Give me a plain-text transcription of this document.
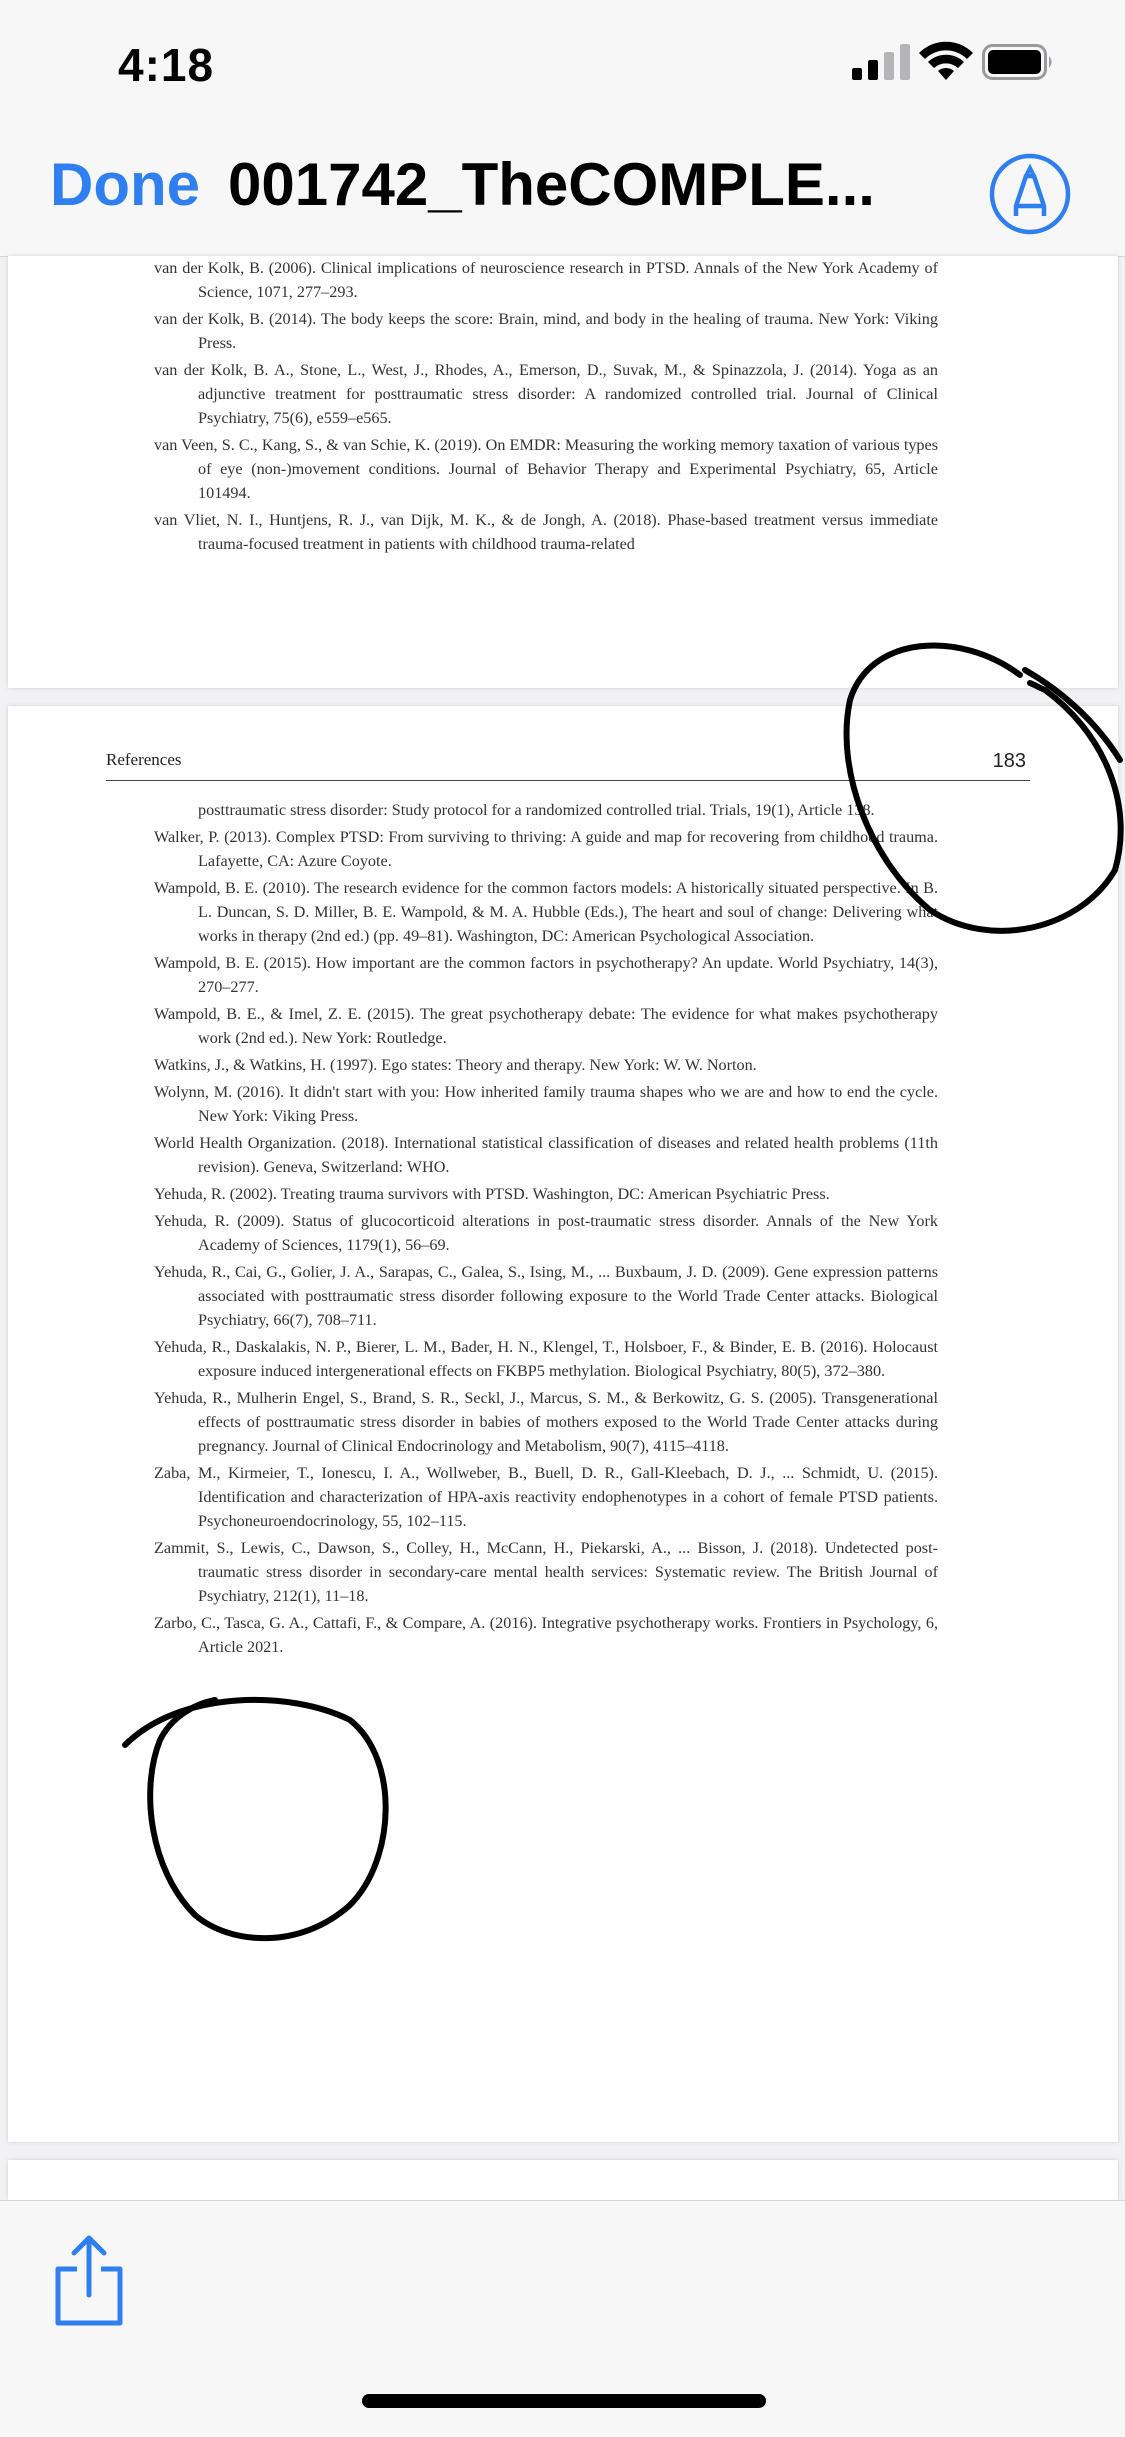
4:18
Done 001742_TheCOMPLE...
van der Kolk, B. (2006). Clinical implications of neuroscience research in PTSD. Annals of the New York Academy of Science, 1071, 277–293.
van der Kolk, B. (2014). The body keeps the score: Brain, mind, and body in the healing of trauma. New York: Viking Press.
van der Kolk, B. A., Stone, L., West, J., Rhodes, A., Emerson, D., Suvak, M., & Spinazzola, J. (2014). Yoga as an adjunctive treatment for posttraumatic stress disorder: A randomized controlled trial. Journal of Clinical Psychiatry, 75(6), e559–e565.
van Veen, S. C., Kang, S., & van Schie, K. (2019). On EMDR: Measuring the working memory taxation of various types of eye (non-)movement conditions. Journal of Behavior Therapy and Experimental Psychiatry, 65, Article 101494.
van Vliet, N. I., Huntjens, R. J., van Dijk, M. K., & de Jongh, A. (2018). Phase-based treatment versus immediate trauma-focused treatment in patients with childhood trauma-related
References	183
posttraumatic stress disorder: Study protocol for a randomized controlled trial. Trials, 19(1), Article 138.
Walker, P. (2013). Complex PTSD: From surviving to thriving: A guide and map for recovering from childhood trauma. Lafayette, CA: Azure Coyote.
Wampold, B. E. (2010). The research evidence for the common factors models: A historically situated perspective. In B. L. Duncan, S. D. Miller, B. E. Wampold, & M. A. Hubble (Eds.), The heart and soul of change: Delivering what works in therapy (2nd ed.) (pp. 49–81). Washington, DC: American Psychological Association.
Wampold, B. E. (2015). How important are the common factors in psychotherapy? An update. World Psychiatry, 14(3), 270–277.
Wampold, B. E., & Imel, Z. E. (2015). The great psychotherapy debate: The evidence for what makes psychotherapy work (2nd ed.). New York: Routledge.
Watkins, J., & Watkins, H. (1997). Ego states: Theory and therapy. New York: W. W. Norton.
Wolynn, M. (2016). It didn't start with you: How inherited family trauma shapes who we are and how to end the cycle. New York: Viking Press.
World Health Organization. (2018). International statistical classification of diseases and related health problems (11th revision). Geneva, Switzerland: WHO.
Yehuda, R. (2002). Treating trauma survivors with PTSD. Washington, DC: American Psychiatric Press.
Yehuda, R. (2009). Status of glucocorticoid alterations in post-traumatic stress disorder. Annals of the New York Academy of Sciences, 1179(1), 56–69.
Yehuda, R., Cai, G., Golier, J. A., Sarapas, C., Galea, S., Ising, M., ... Buxbaum, J. D. (2009). Gene expression patterns associated with posttraumatic stress disorder following exposure to the World Trade Center attacks. Biological Psychiatry, 66(7), 708–711.
Yehuda, R., Daskalakis, N. P., Bierer, L. M., Bader, H. N., Klengel, T., Holsboer, F., & Binder, E. B. (2016). Holocaust exposure induced intergenerational effects on FKBP5 methylation. Biological Psychiatry, 80(5), 372–380.
Yehuda, R., Mulherin Engel, S., Brand, S. R., Seckl, J., Marcus, S. M., & Berkowitz, G. S. (2005). Transgenerational effects of posttraumatic stress disorder in babies of mothers exposed to the World Trade Center attacks during pregnancy. Journal of Clinical Endocrinology and Metabolism, 90(7), 4115–4118.
Zaba, M., Kirmeier, T., Ionescu, I. A., Wollweber, B., Buell, D. R., Gall-Kleebach, D. J., ... Schmidt, U. (2015). Identification and characterization of HPA-axis reactivity endophenotypes in a cohort of female PTSD patients. Psychoneuroendocrinology, 55, 102–115.
Zammit, S., Lewis, C., Dawson, S., Colley, H., McCann, H., Piekarski, A., ... Bisson, J. (2018). Undetected post-traumatic stress disorder in secondary-care mental health services: Systematic review. The British Journal of Psychiatry, 212(1), 11–18.
Zarbo, C., Tasca, G. A., Cattafi, F., & Compare, A. (2016). Integrative psychotherapy works. Frontiers in Psychology, 6, Article 2021.
